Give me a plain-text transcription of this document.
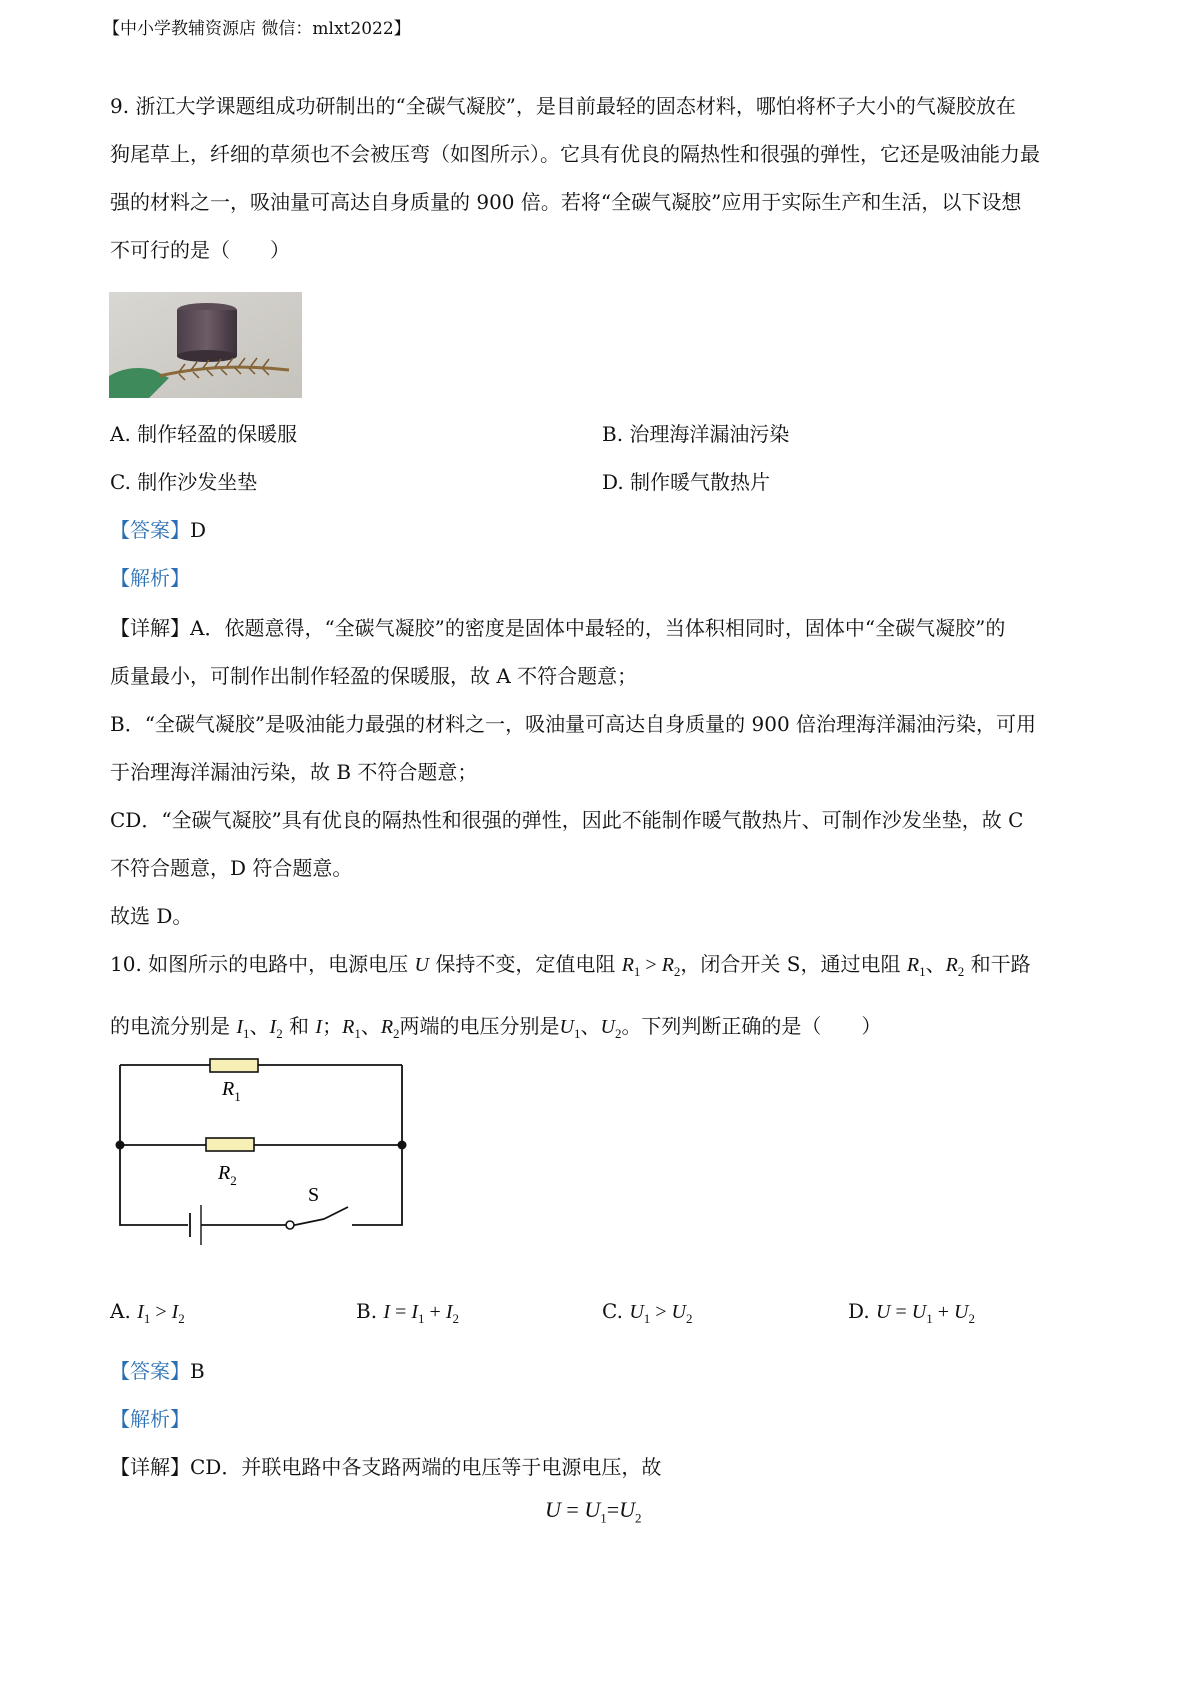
【中小学教辅资源店 微信：mlxt2022】
9. 浙江大学课题组成功研制出的“全碳气凝胶”，是目前最轻的固态材料，哪怕将杯子大小的气凝胶放在
狗尾草上，纤细的草须也不会被压弯（如图所示）。它具有优良的隔热性和很强的弹性，它还是吸油能力最
强的材料之一，吸油量可高达自身质量的 900 倍。若将“全碳气凝胶”应用于实际生产和生活，以下设想
不可行的是（　　）
A. 制作轻盈的保暖服	B. 治理海洋漏油污染
C. 制作沙发坐垫	D. 制作暖气散热片
【答案】D
【解析】
【详解】A．依题意得，“全碳气凝胶”的密度是固体中最轻的，当体积相同时，固体中“全碳气凝胶”的
质量最小，可制作出制作轻盈的保暖服，故 A 不符合题意；
B．“全碳气凝胶”是吸油能力最强的材料之一，吸油量可高达自身质量的 900 倍治理海洋漏油污染，可用
于治理海洋漏油污染，故 B 不符合题意；
CD．“全碳气凝胶”具有优良的隔热性和很强的弹性，因此不能制作暖气散热片、可制作沙发坐垫，故 C
不符合题意，D 符合题意。
故选 D。
10. 如图所示的电路中，电源电压 U 保持不变，定值电阻 $R_1 > R_2$，闭合开关 S，通过电阻 $R_1$、$R_2$ 和干路
的电流分别是 $I_1$、$I_2$ 和 I；$R_1$、$R_2$两端的电压分别是$U_1$、$U_2$。下列判断正确的是（　　）
$R_1$
$R_2$
S
A. $I_1 > I_2$	B. $I = I_1 + I_2$	C. $U_1 > U_2$	D. $U = U_1 + U_2$
【答案】B
【解析】
【详解】CD．并联电路中各支路两端的电压等于电源电压，故
$U = U_1=U_2$
